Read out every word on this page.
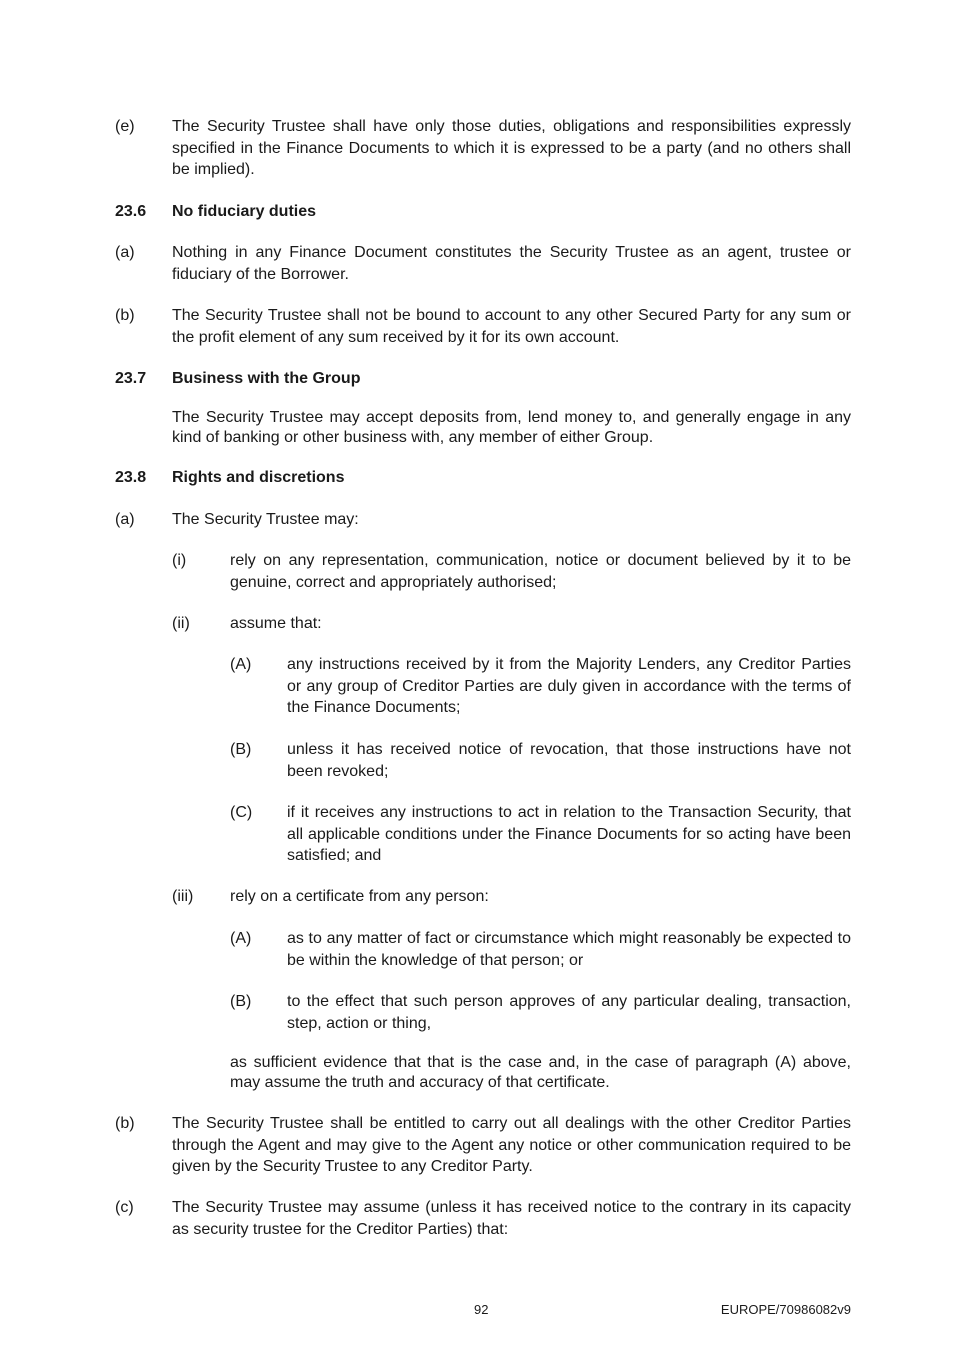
(e) The Security Trustee shall have only those duties, obligations and responsibilities expressly specified in the Finance Documents to which it is expressed to be a party (and no others shall be implied).
23.6 No fiduciary duties
(a) Nothing in any Finance Document constitutes the Security Trustee as an agent, trustee or fiduciary of the Borrower.
(b) The Security Trustee shall not be bound to account to any other Secured Party for any sum or the profit element of any sum received by it for its own account.
23.7 Business with the Group
The Security Trustee may accept deposits from, lend money to, and generally engage in any kind of banking or other business with, any member of either Group.
23.8 Rights and discretions
(a) The Security Trustee may:
(i)	rely on any representation, communication, notice or document believed by it to be genuine, correct and appropriately authorised;
(ii)	assume that:
(A) any instructions received by it from the Majority Lenders, any Creditor Parties or any group of Creditor Parties are duly given in accordance with the terms of the Finance Documents;
(B) unless it has received notice of revocation, that those instructions have not been revoked;
(C) if it receives any instructions to act in relation to the Transaction Security, that all applicable conditions under the Finance Documents for so acting have been satisfied; and
(iii) rely on a certificate from any person:
(A) as to any matter of fact or circumstance which might reasonably be expected to be within the knowledge of that person; or
(B) to the effect that such person approves of any particular dealing, transaction, step, action or thing,
as sufficient evidence that that is the case and, in the case of paragraph (A) above, may assume the truth and accuracy of that certificate.
(b) The Security Trustee shall be entitled to carry out all dealings with the other Creditor Parties through the Agent and may give to the Agent any notice or other communication required to be given by the Security Trustee to any Creditor Party.
(c) The Security Trustee may assume (unless it has received notice to the contrary in its capacity as security trustee for the Creditor Parties) that:
92	EUROPE/70986082v9
